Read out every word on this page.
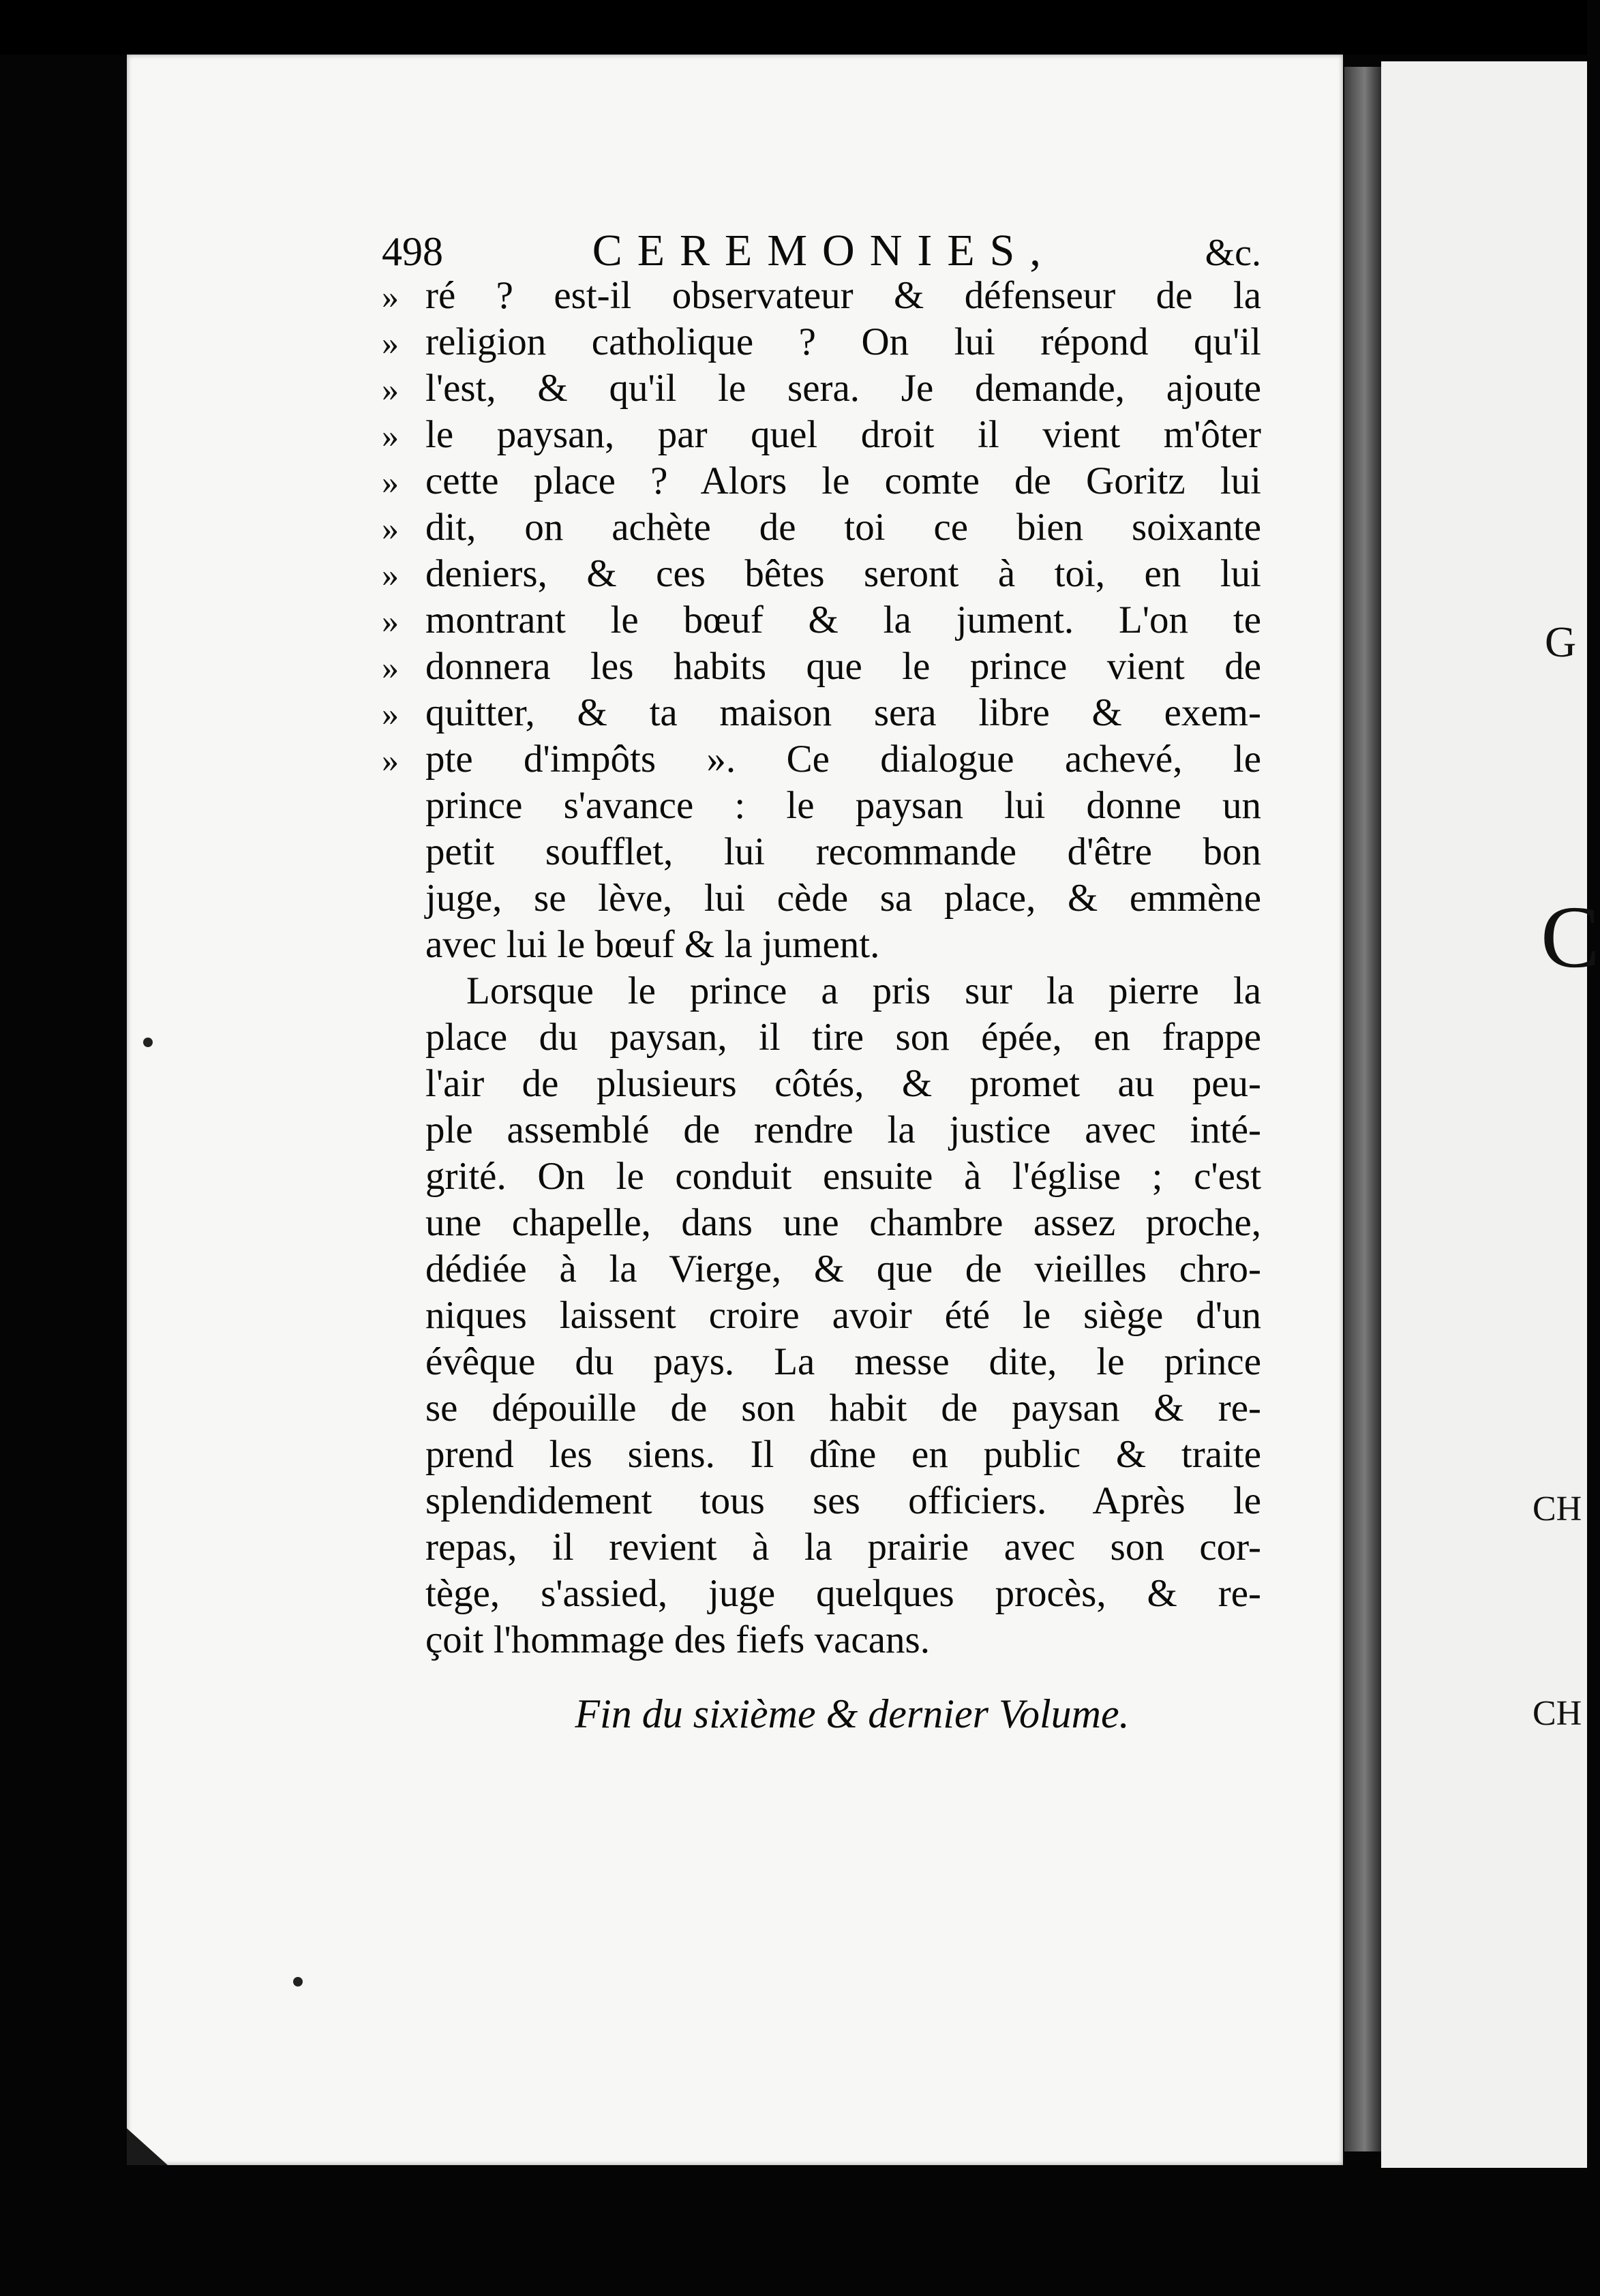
G
C
CH
CH
498	CEREMONIES,	&c.
» ré ? est-il observateur & défenseur de la
» religion catholique ? On lui répond qu'il
» l'est, & qu'il le sera. Je demande, ajoute
» le paysan, par quel droit il vient m'ôter
» cette place ? Alors le comte de Goritz lui
» dit, on achète de toi ce bien soixante
» deniers, & ces bêtes seront à toi, en lui
» montrant le bœuf & la jument. L'on te
» donnera les habits que le prince vient de
» quitter, & ta maison sera libre & exem-
» pte d'impôts ». Ce dialogue achevé, le
prince s'avance : le paysan lui donne un
petit soufflet, lui recommande d'être bon
juge, se lève, lui cède sa place, & emmène
avec lui le bœuf & la jument.
Lorsque le prince a pris sur la pierre la
place du paysan, il tire son épée, en frappe
l'air de plusieurs côtés, & promet au peu-
ple assemblé de rendre la justice avec inté-
grité. On le conduit ensuite à l'église ; c'est
une chapelle, dans une chambre assez proche,
dédiée à la Vierge, & que de vieilles chro-
niques laissent croire avoir été le siège d'un
évêque du pays. La messe dite, le prince
se dépouille de son habit de paysan & re-
prend les siens. Il dîne en public & traite
splendidement tous ses officiers. Après le
repas, il revient à la prairie avec son cor-
tège, s'assied, juge quelques procès, & re-
çoit l'hommage des fiefs vacans.
Fin du sixième & dernier Volume.
